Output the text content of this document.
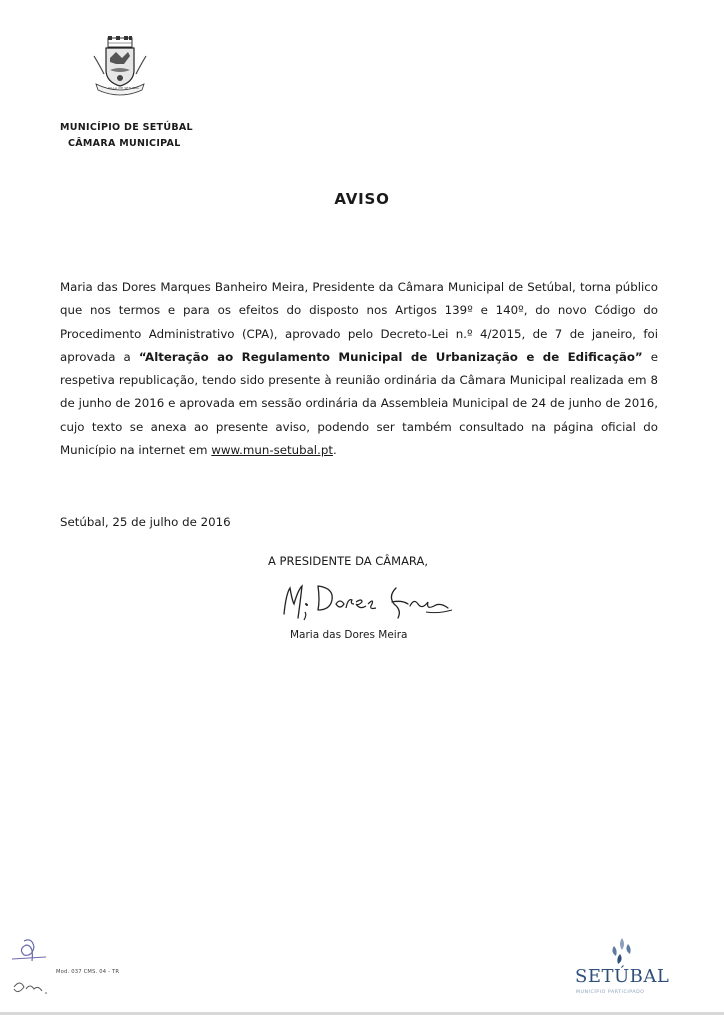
VILLA DE SETUBAL
MUNICÍPIO DE SETÚBAL
CÂMARA MUNICIPAL
AVISO
Maria das Dores Marques Banheiro Meira, Presidente da Câmara Municipal de Setúbal, torna público que nos termos e para os efeitos do disposto nos Artigos 139º e 140º, do novo Código do Procedimento Administrativo (CPA), aprovado pelo Decreto-Lei n.º 4/2015, de 7 de janeiro, foi aprovada a “Alteração ao Regulamento Municipal de Urbanização e de Edificação” e respetiva republicação, tendo sido presente à reunião ordinária da Câmara Municipal realizada em 8 de junho de 2016 e aprovada em sessão ordinária da Assembleia Municipal de 24 de junho de 2016, cujo texto se anexa ao presente aviso, podendo ser também consultado na página oficial do Município na internet em www.mun-setubal.pt.
Setúbal, 25 de julho de 2016
A PRESIDENTE DA CÂMARA,
Maria das Dores Meira
Mod. 037 CMS. 04 - TR	SETÚBAL
MUNICÍPIO PARTICIPADO
